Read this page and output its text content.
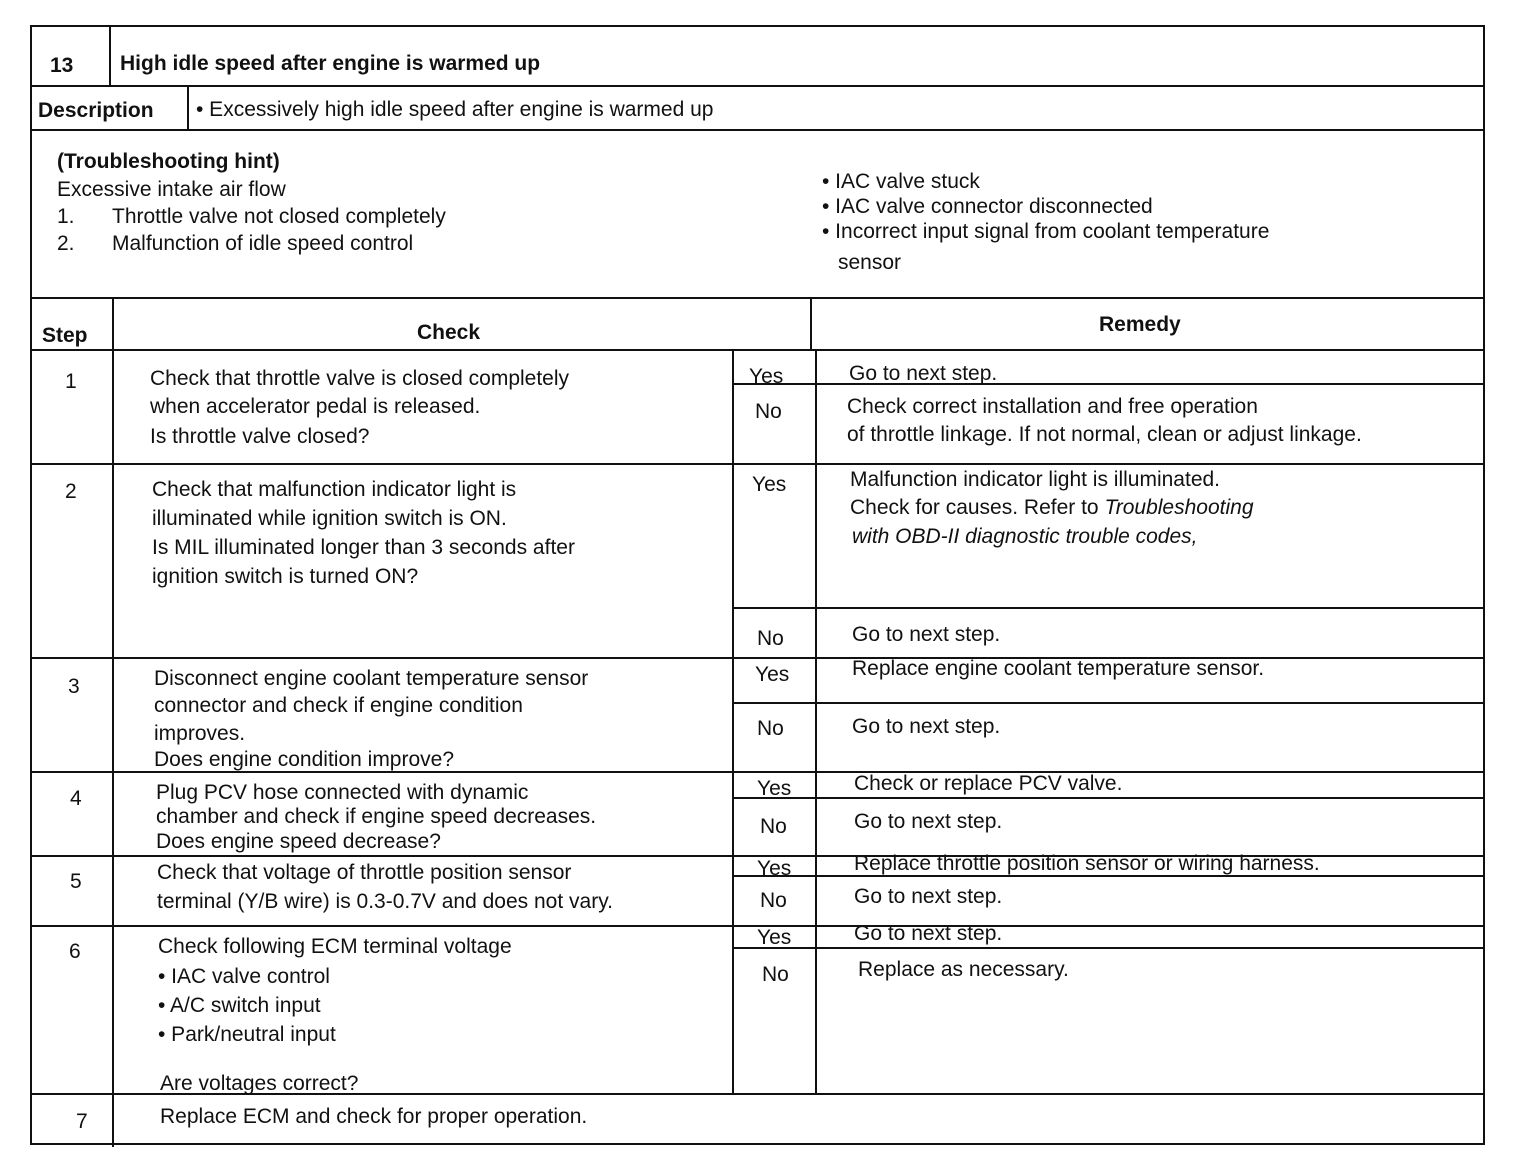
13 High idle speed after engine is warmed up
Description • Excessively high idle speed after engine is warmed up
(Troubleshooting hint)
Excessive intake air flow
1. Throttle valve not closed completely
2. Malfunction of idle speed control
• IAC valve stuck
• IAC valve connector disconnected
• Incorrect input signal from coolant temperature
sensor
Step	Check	Remedy
1	Check that throttle valve is closed completely
when accelerator pedal is released.
Is throttle valve closed?
Yes	Go to next step.
No	Check correct installation and free operation
of throttle linkage. If not normal, clean or adjust linkage.
2	Check that malfunction indicator light is
illuminated while ignition switch is ON.
Is MIL illuminated longer than 3 seconds after
ignition switch is turned ON?
Yes	Malfunction indicator light is illuminated.
Check for causes. Refer to Troubleshooting
with OBD-II diagnostic trouble codes,
No	Go to next step.
3	Disconnect engine coolant temperature sensor
connector and check if engine condition
improves.
Does engine condition improve?
Yes	Replace engine coolant temperature sensor.
No	Go to next step.
4	Plug PCV hose connected with dynamic
chamber and check if engine speed decreases.
Does engine speed decrease?
Yes	Check or replace PCV valve.
No	Go to next step.
5	Check that voltage of throttle position sensor
terminal (Y/B wire) is 0.3-0.7V and does not vary.
Yes	Replace throttle position sensor or wiring harness.
No	Go to next step.
6	Check following ECM terminal voltage
• IAC valve control
• A/C switch input
• Park/neutral input
Are voltages correct?
Yes	Go to next step.
No	Replace as necessary.
7	Replace ECM and check for proper operation.
